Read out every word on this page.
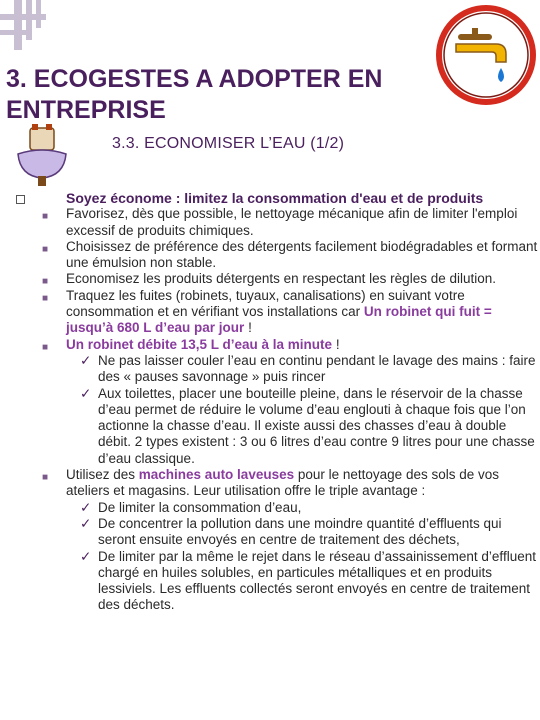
3. ECOGESTES A ADOPTER EN
ENTREPRISE
3.3. ECONOMISER L’EAU (1/2)
Soyez économe : limitez la consommation d'eau et de produits
■ Favorisez, dès que possible, le nettoyage mécanique afin de limiter l'emploi excessif de produits chimiques.
■ Choisissez de préférence des détergents facilement biodégradables et formant une émulsion non stable.
■ Economisez les produits détergents en respectant les règles de dilution.
■ Traquez les fuites (robinets, tuyaux, canalisations) en suivant votre consommation et en vérifiant vos installations car Un robinet qui fuit = jusqu’à 680 L d’eau par jour !
■ Un robinet débite 13,5 L d’eau à la minute !
✓ Ne pas laisser couler l’eau en continu pendant le lavage des mains : faire des « pauses savonnage » puis rincer
✓ Aux toilettes, placer une bouteille pleine, dans le réservoir de la chasse d’eau permet de réduire le volume d’eau englouti à chaque fois que l’on actionne la chasse d’eau. Il existe aussi des chasses d’eau à double débit. 2 types existent : 3 ou 6 litres d’eau contre 9 litres pour une chasse d’eau classique.
■ Utilisez des machines auto laveuses pour le nettoyage des sols de vos ateliers et magasins. Leur utilisation offre le triple avantage :
✓ De limiter la consommation d’eau,
✓ De concentrer la pollution dans une moindre quantité d’effluents qui seront ensuite envoyés en centre de traitement des déchets,
✓ De limiter par la même le rejet dans le réseau d’assainissement d’effluent chargé en huiles solubles, en particules métalliques et en produits lessiviels. Les effluents collectés seront envoyés en centre de traitement des déchets.
